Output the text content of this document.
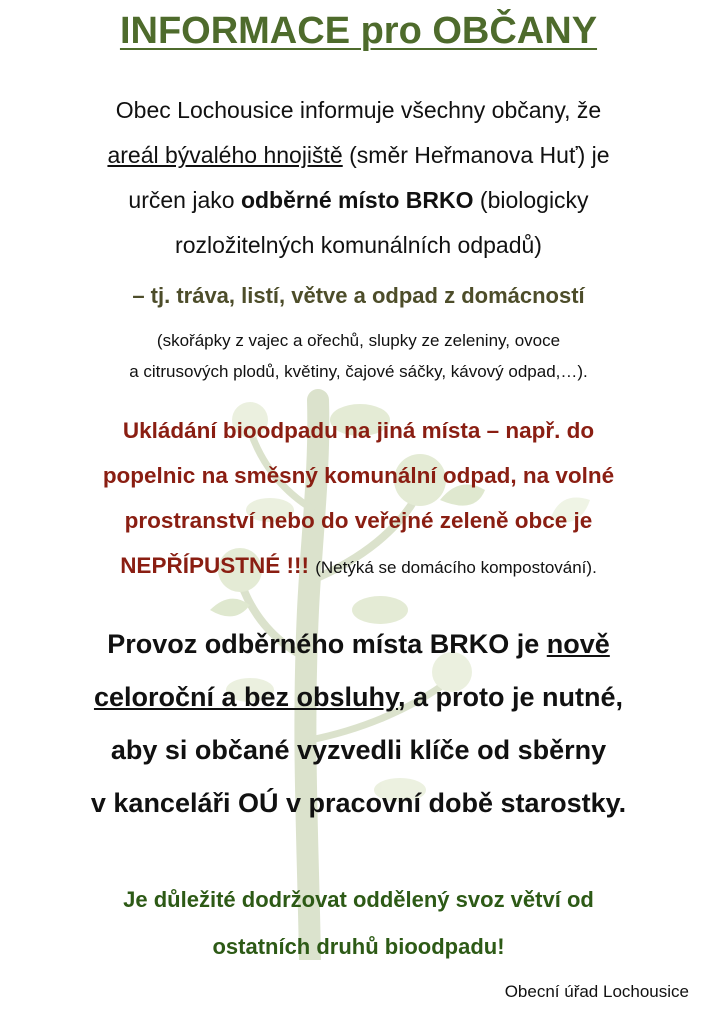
INFORMACE pro OBČANY

Obec Lochousice informuje všechny občany, že
areál bývalého hnojiště (směr Heřmanova Huť) je
určen jako odběrné místo BRKO (biologicky
rozložitelných komunálních odpadů)

– tj. tráva, listí, větve a odpad z domácností

(skořápky z vajec a ořechů, slupky ze zeleniny, ovoce
a citrusových plodů, květiny, čajové sáčky, kávový odpad,…).

Ukládání bioodpadu na jiná místa – např. do
popelnic na směsný komunální odpad, na volné
prostranství nebo do veřejné zeleně obce je
NEPŘÍPUSTNÉ !!! (Netýká se domácího kompostování).

Provoz odběrného místa BRKO je nově
celoroční a bez obsluhy, a proto je nutné,
aby si občané vyzvedli klíče od sběrny
v kanceláři OÚ v pracovní době starostky.

Je důležité dodržovat oddělený svoz větví od
ostatních druhů bioodpadu!

Obecní úřad Lochousice
